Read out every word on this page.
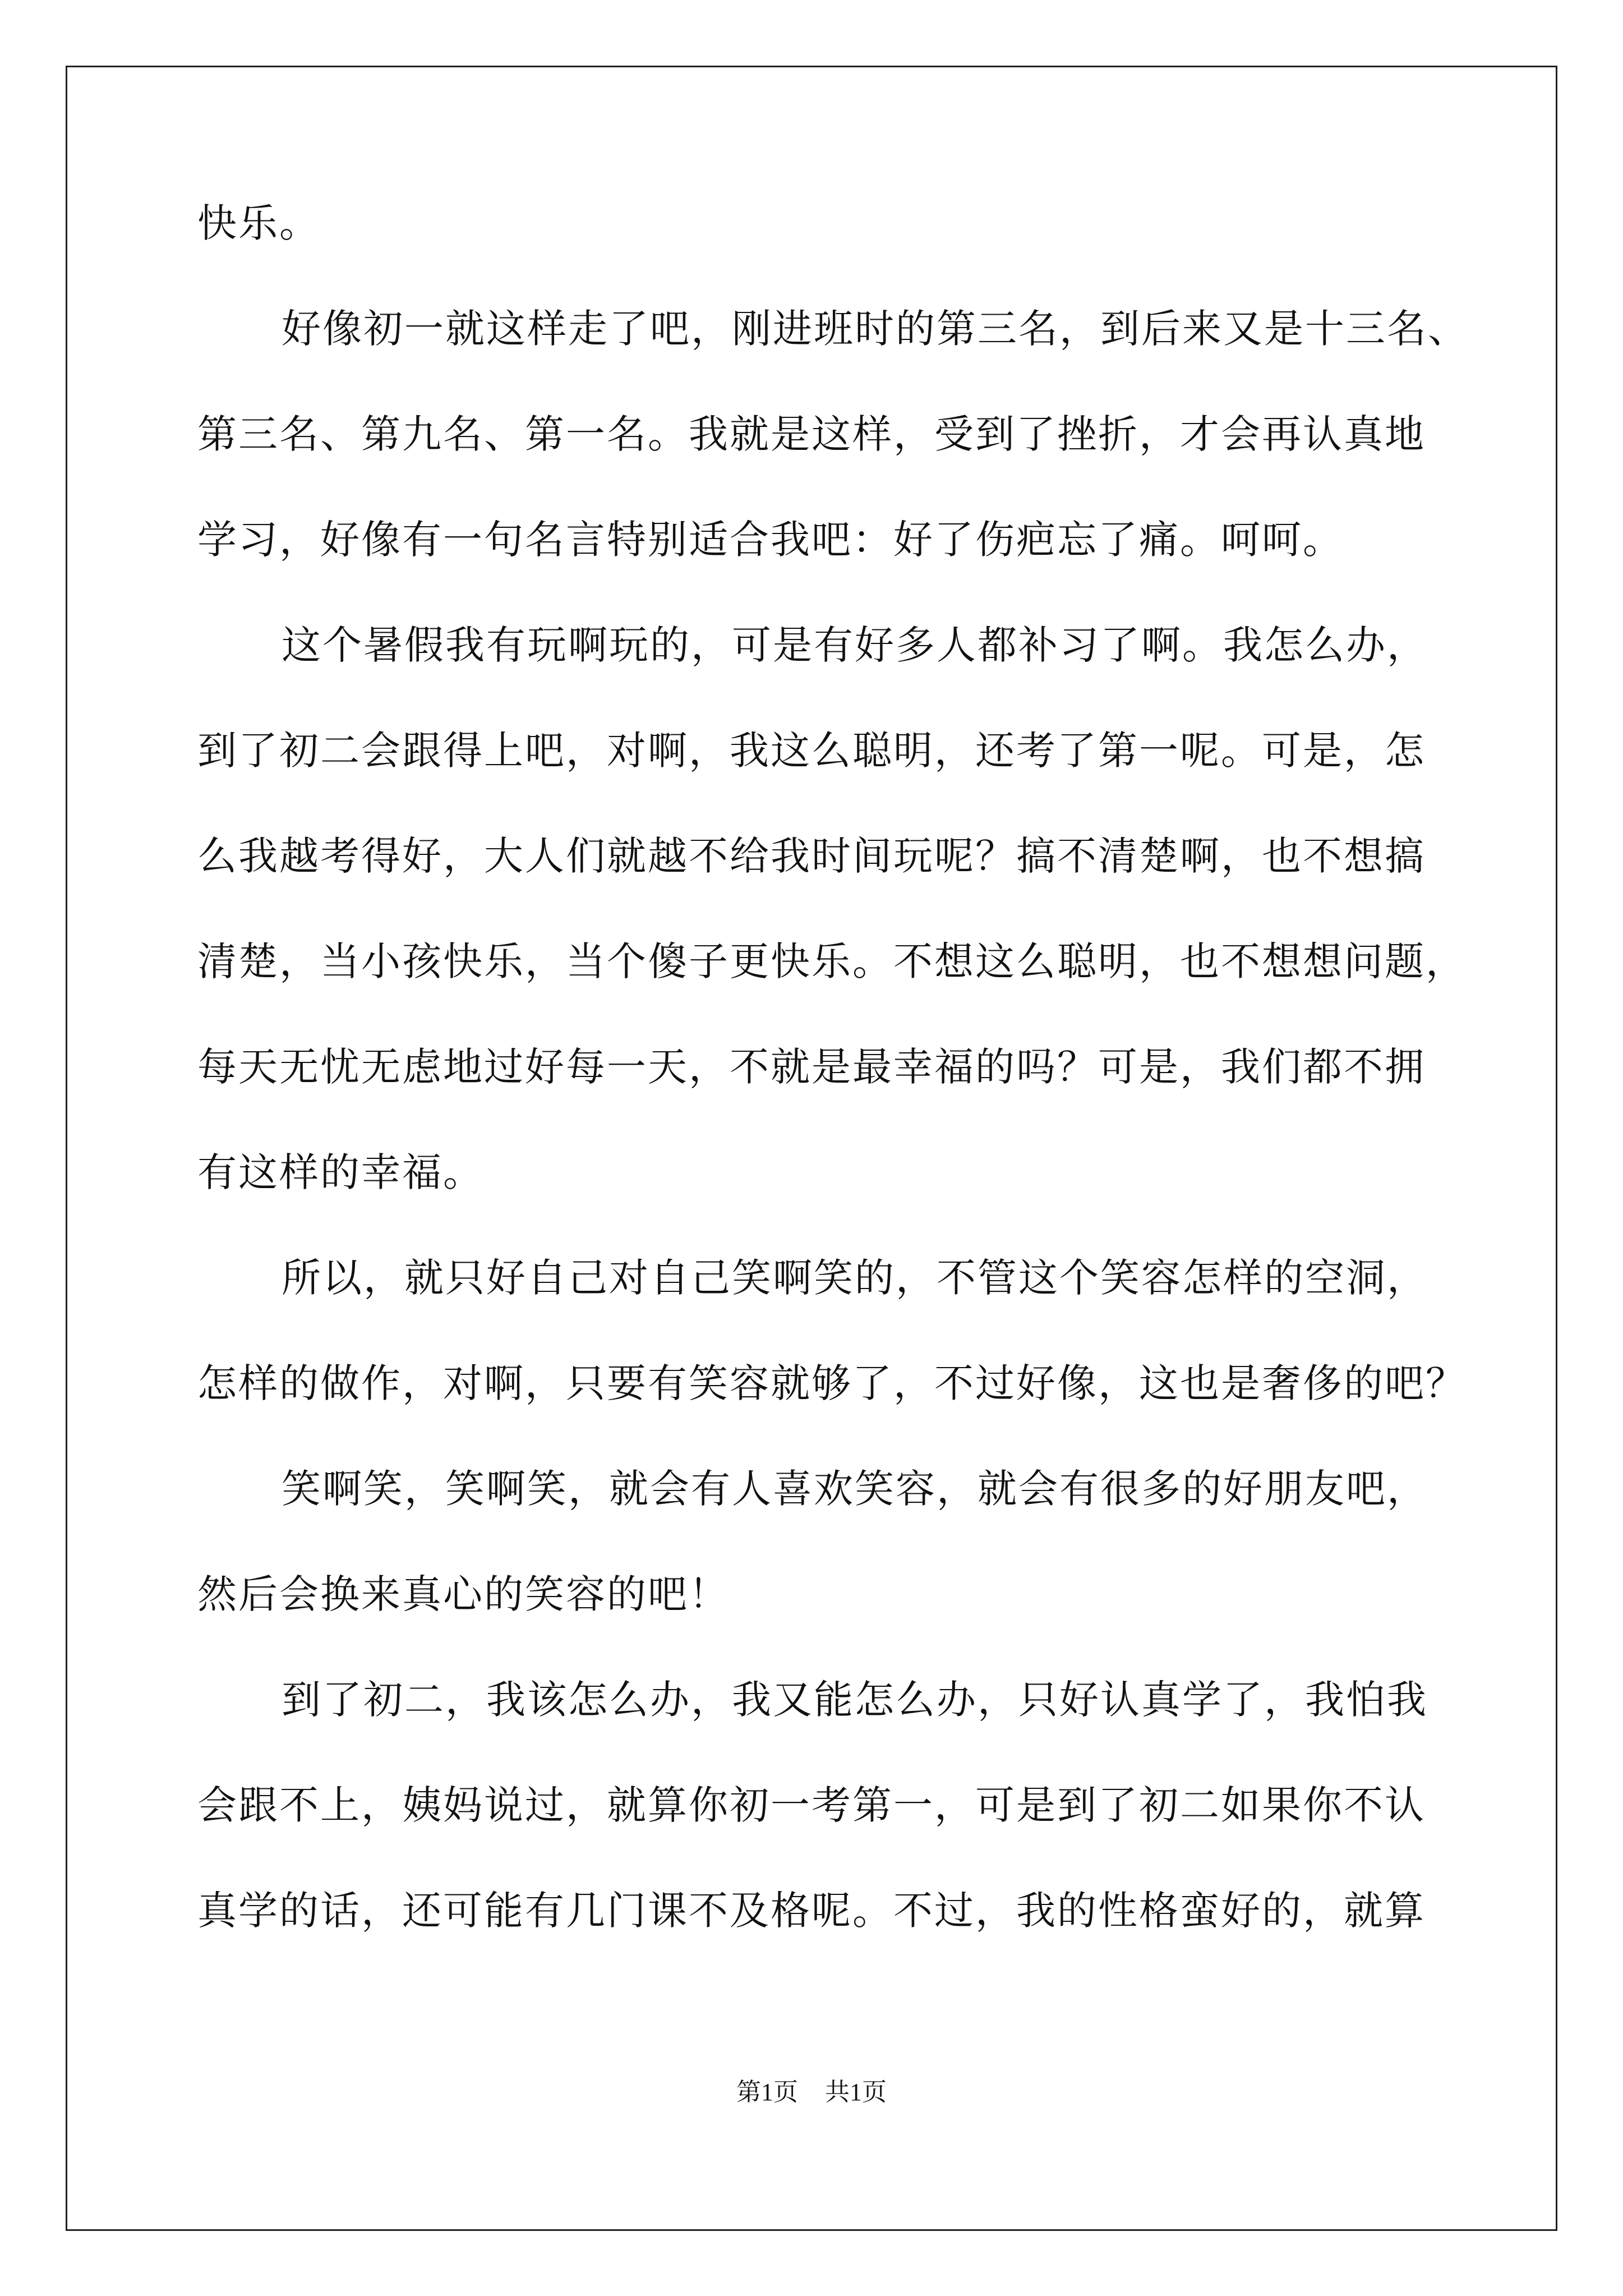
快乐。
好像初一就这样走了吧，刚进班时的第三名，到后来又是十三名、
第三名、第九名、第一名。我就是这样，受到了挫折，才会再认真地
学习，好像有一句名言特别适合我吧：好了伤疤忘了痛。呵呵。
这个暑假我有玩啊玩的，可是有好多人都补习了啊。我怎么办，
到了初二会跟得上吧，对啊，我这么聪明，还考了第一呢。可是，怎
么我越考得好，大人们就越不给我时间玩呢？搞不清楚啊，也不想搞
清楚，当小孩快乐，当个傻子更快乐。不想这么聪明，也不想想问题，
每天无忧无虑地过好每一天，不就是最幸福的吗？可是，我们都不拥
有这样的幸福。
所以，就只好自己对自己笑啊笑的，不管这个笑容怎样的空洞，
怎样的做作，对啊，只要有笑容就够了，不过好像，这也是奢侈的吧？
笑啊笑，笑啊笑，就会有人喜欢笑容，就会有很多的好朋友吧，
然后会换来真心的笑容的吧！
到了初二，我该怎么办，我又能怎么办，只好认真学了，我怕我
会跟不上，姨妈说过，就算你初一考第一，可是到了初二如果你不认
真学的话，还可能有几门课不及格呢。不过，我的性格蛮好的，就算
第1页 共1页
